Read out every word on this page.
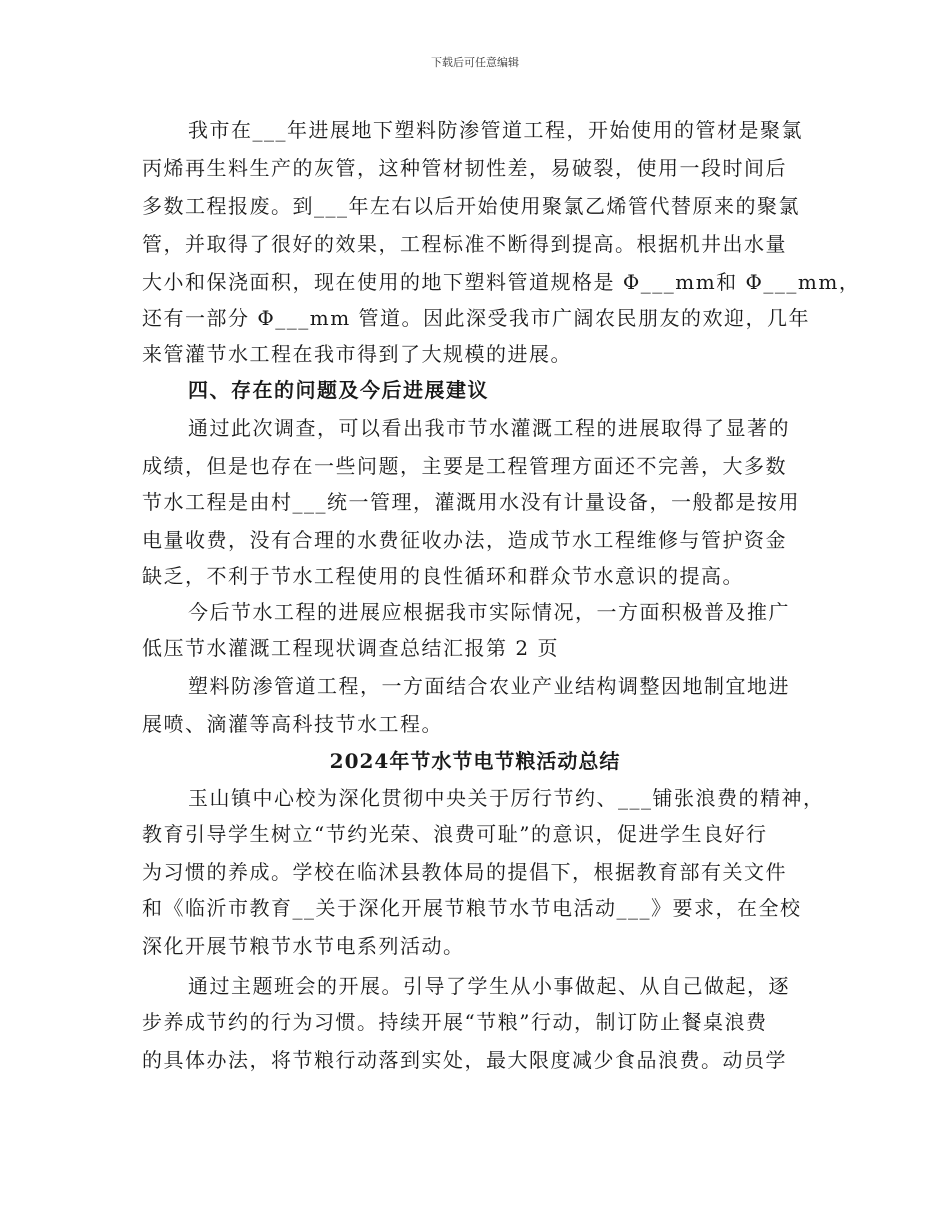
下载后可任意编辑
我市在___年进展地下塑料防渗管道工程，开始使用的管材是聚氯
丙烯再生料生产的灰管，这种管材韧性差，易破裂，使用一段时间后
多数工程报废。到___年左右以后开始使用聚氯乙烯管代替原来的聚氯
管，并取得了很好的效果，工程标准不断得到提高。根据机井出水量
大小和保浇面积，现在使用的地下塑料管道规格是 Φ___mm和 Φ___mm，
还有一部分 Φ___mm 管道。因此深受我市广阔农民朋友的欢迎，几年
来管灌节水工程在我市得到了大规模的进展。
四、存在的问题及今后进展建议
通过此次调查，可以看出我市节水灌溉工程的进展取得了显著的
成绩，但是也存在一些问题，主要是工程管理方面还不完善，大多数
节水工程是由村___统一管理，灌溉用水没有计量设备，一般都是按用
电量收费，没有合理的水费征收办法，造成节水工程维修与管护资金
缺乏，不利于节水工程使用的良性循环和群众节水意识的提高。
今后节水工程的进展应根据我市实际情况，一方面积极普及推广
低压节水灌溉工程现状调查总结汇报第 2 页
塑料防渗管道工程，一方面结合农业产业结构调整因地制宜地进
展喷、滴灌等高科技节水工程。
2024年节水节电节粮活动总结
玉山镇中心校为深化贯彻中央关于厉行节约、___铺张浪费的精神，
教育引导学生树立“节约光荣、浪费可耻”的意识，促进学生良好行
为习惯的养成。学校在临沭县教体局的提倡下，根据教育部有关文件
和《临沂市教育__关于深化开展节粮节水节电活动___》要求，在全校
深化开展节粮节水节电系列活动。
通过主题班会的开展。引导了学生从小事做起、从自己做起，逐
步养成节约的行为习惯。持续开展“节粮”行动，制订防止餐桌浪费
的具体办法，将节粮行动落到实处，最大限度减少食品浪费。动员学
